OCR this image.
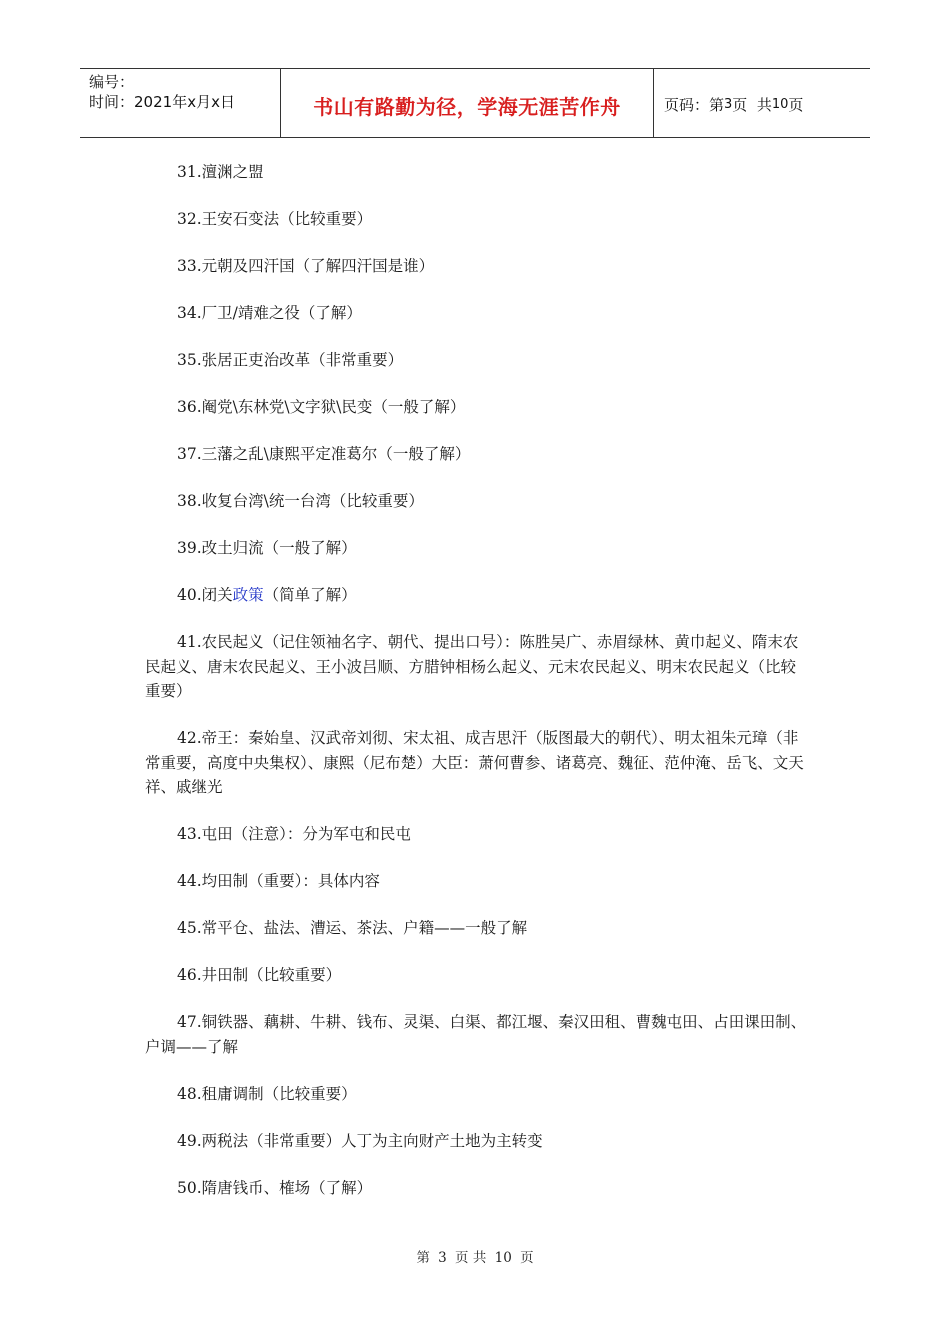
编号：
时间：2021年x月x日	书山有路勤为径，学海无涯苦作舟	页码：第 3 页
共 10 页

31.澶渊之盟

32.王安石变法（比较重要）

33.元朝及四汗国（了解四汗国是谁）

34.厂卫/靖难之役（了解）

35.张居正吏治改革（非常重要）

36.阉党\东林党\文字狱\民变（一般了解）

37.三藩之乱\康熙平定准葛尔（一般了解）

38.收复台湾\统一台湾（比较重要）

39.改土归流（一般了解）

40.闭关政策（简单了解）

41.农民起义（记住领袖名字、朝代、提出口号）：陈胜吴广、赤眉绿林、黄巾起义、隋末农民起义、唐末农民起义、王小波吕顺、方腊钟相杨么起义、元末农民起义、明末农民起义（比较重要）

42.帝王：秦始皇、汉武帝刘彻、宋太祖、成吉思汗（版图最大的朝代）、明太祖朱元璋（非常重要，高度中央集权）、康熙（尼布楚）大臣：萧何曹参、诸葛亮、魏征、范仲淹、岳飞、文天祥、戚继光

43.屯田（注意）：分为军屯和民屯

44.均田制（重要）：具体内容

45.常平仓、盐法、漕运、茶法、户籍——一般了解

46.井田制（比较重要）

47.铜铁器、藕耕、牛耕、钱布、灵渠、白渠、都江堰、秦汉田租、曹魏屯田、占田课田制、户调——了解

48.租庸调制（比较重要）

49.两税法（非常重要）人丁为主向财产土地为主转变

50.隋唐钱币、榷场（了解）

第 3 页 共 10 页
